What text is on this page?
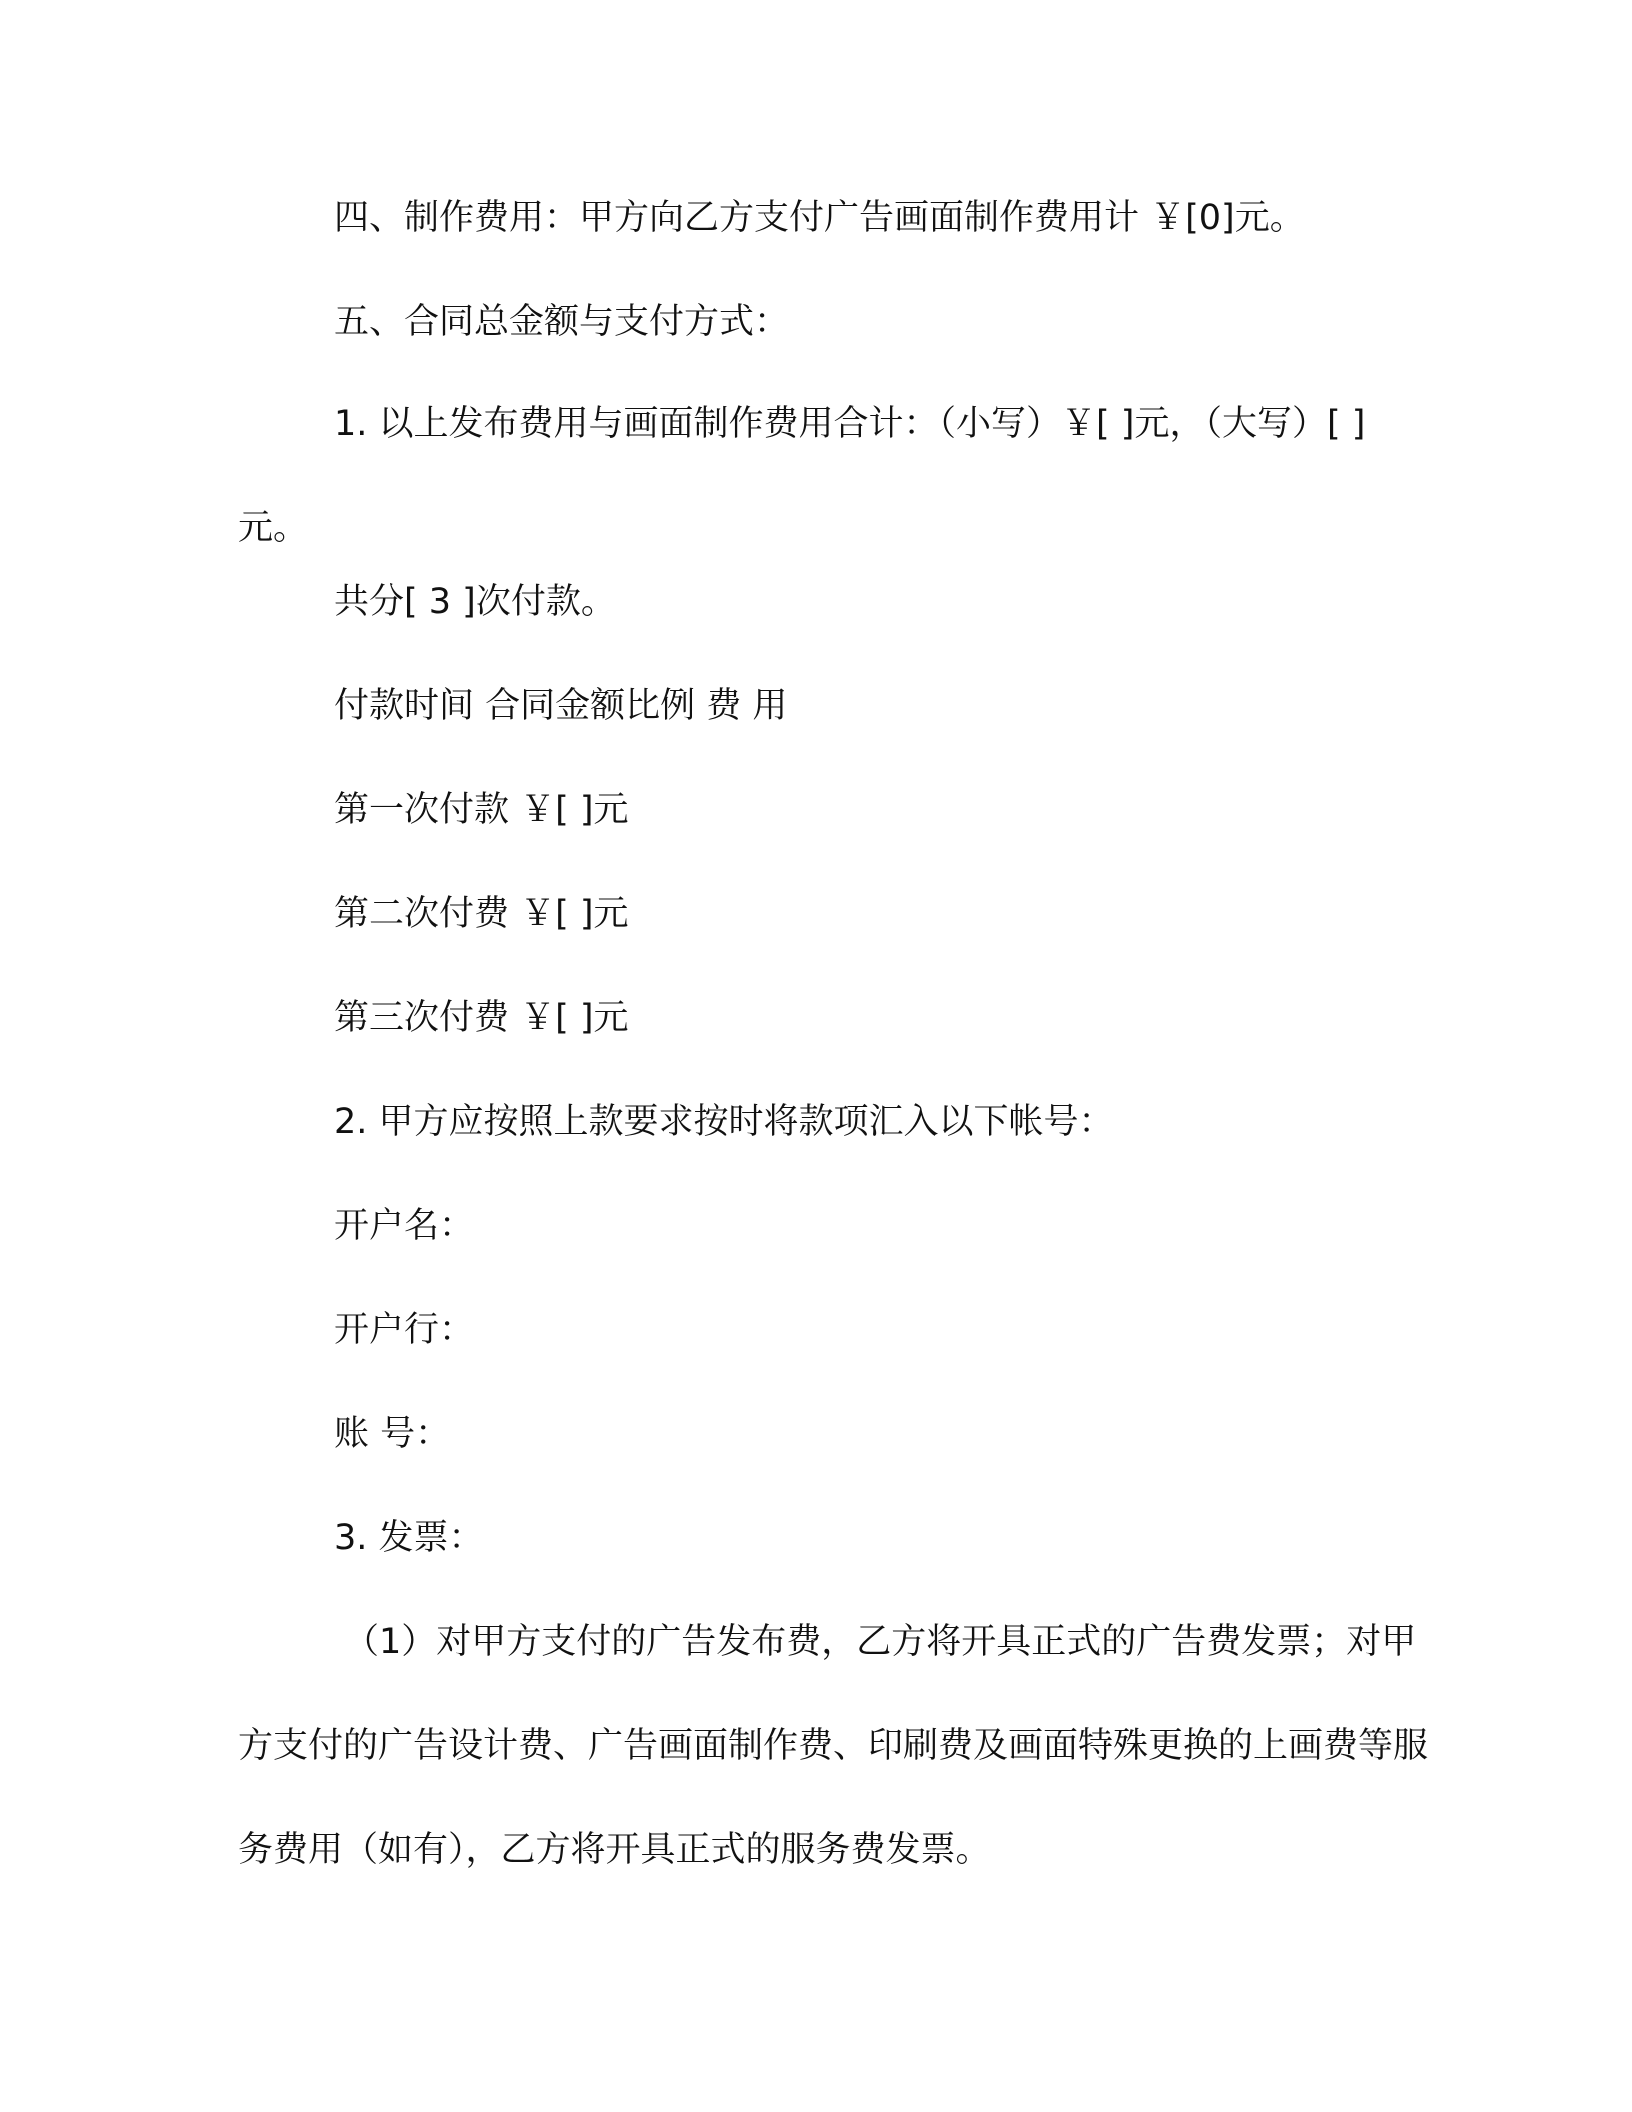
四、制作费用：甲方向乙方支付广告画面制作费用计 ￥[0]元。
五、合同总金额与支付方式：
1. 以上发布费用与画面制作费用合计：（小写）￥[ ]元，（大写）[ ]元。
共分[ 3 ]次付款。
付款时间 合同金额比例 费 用
第一次付款 ￥[ ]元
第二次付费 ￥[ ]元
第三次付费 ￥[ ]元
2. 甲方应按照上款要求按时将款项汇入以下帐号：
开户名：
开户行：
账 号：
3. 发票：
（1）对甲方支付的广告发布费，乙方将开具正式的广告费发票；对甲方支付的广告设计费、广告画面制作费、印刷费及画面特殊更换的上画费等服务费用（如有），乙方将开具正式的服务费发票。
